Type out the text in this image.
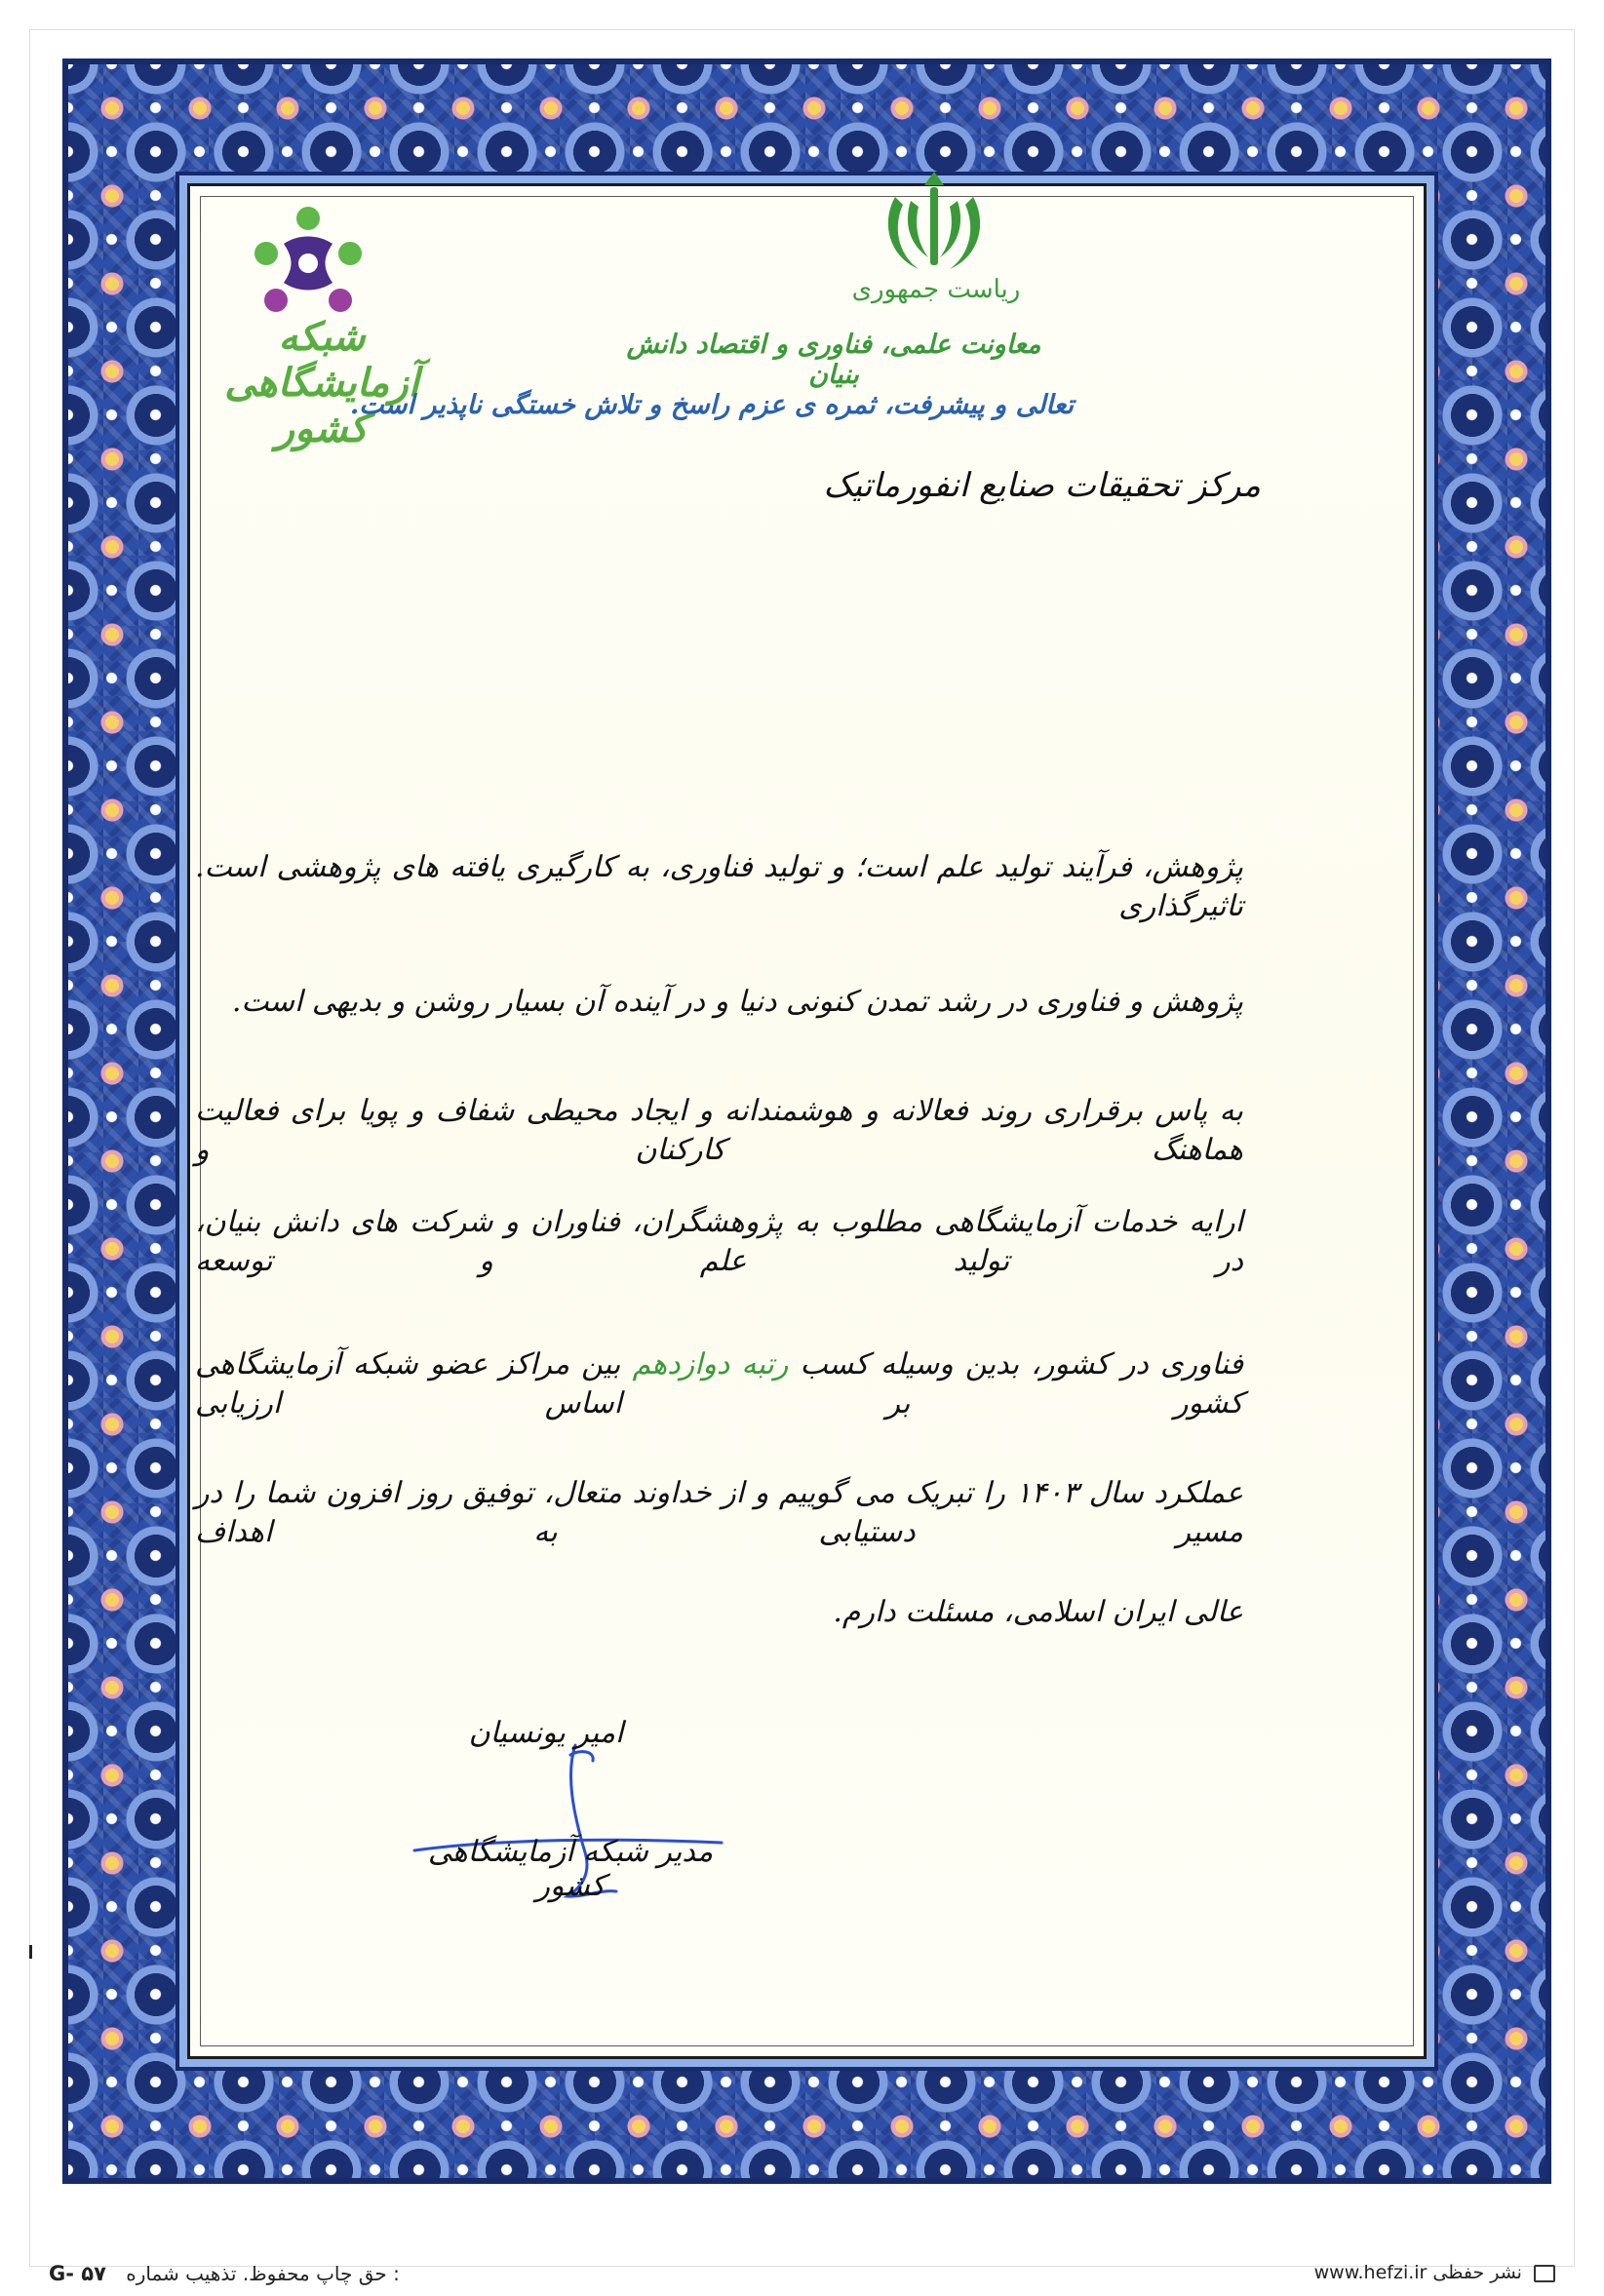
ریاست جمهوری
معاونت علمی، فناوری و اقتصاد دانش بنیان
شبکه آزمایشگاهی کشور
تعالی و پیشرفت، ثمره ی عزم راسخ و تلاش خستگی ناپذیر است.
مرکز تحقیقات صنایع انفورماتیک
پژوهش، فرآیند تولید علم است؛ و تولید فناوری، به کارگیری یافته های پژوهشی است. تاثیرگذاری
پژوهش و فناوری در رشد تمدن کنونی دنیا و در آینده آن بسیار روشن و بدیهی است.
به پاس برقراری روند فعالانه و هوشمندانه و ایجاد محیطی شفاف و پویا برای فعالیت هماهنگ کارکنان و
ارایه خدمات آزمایشگاهی مطلوب به پژوهشگران، فناوران و شرکت های دانش بنیان، در تولید علم و توسعه
فناوری در کشور، بدین وسیله کسب رتبه دوازدهم بین مراکز عضو شبکه آزمایشگاهی کشور بر اساس ارزیابی
عملکرد سال ۱۴۰۳ را تبریک می گوییم و از خداوند متعال، توفیق روز افزون شما را در مسیر دستیابی به اهداف
عالی ایران اسلامی، مسئلت دارم.
امیر یونسیان
مدیر شبکه آزمایشگاهی کشور
G- ۵۷ حق چاپ محفوظ. تذهیب شماره :	www.hefzi.ir نشر حفظی
